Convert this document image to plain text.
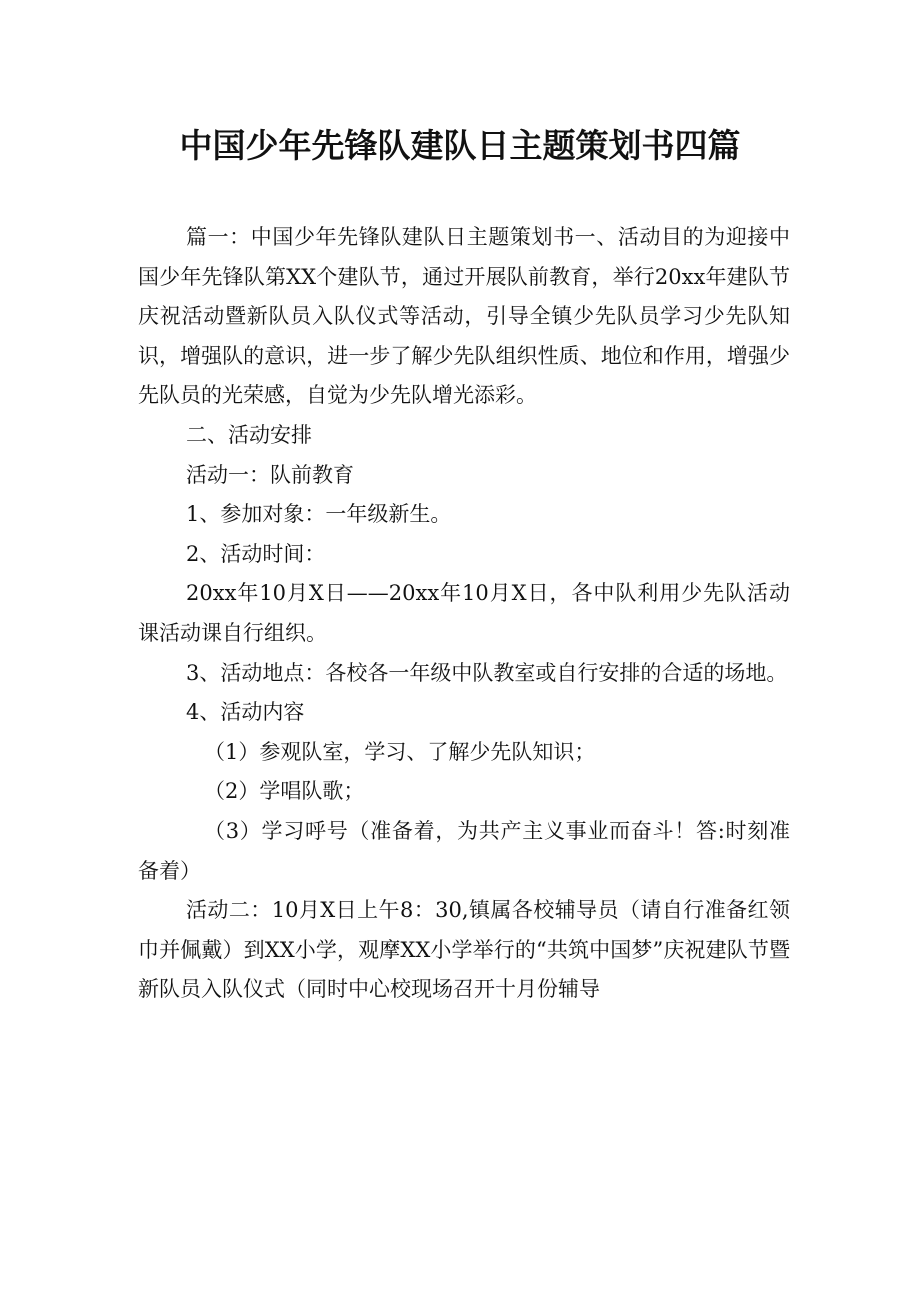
中国少年先锋队建队日主题策划书四篇

篇一：中国少年先锋队建队日主题策划书一、活动目的为迎接中国少年先锋队第XX个建队节，通过开展队前教育，举行20xx年建队节庆祝活动暨新队员入队仪式等活动，引导全镇少先队员学习少先队知识，增强队的意识，进一步了解少先队组织性质、地位和作用，增强少先队员的光荣感，自觉为少先队增光添彩。

二、活动安排

活动一：队前教育

1、参加对象：一年级新生。

2、活动时间：

20xx年10月X日——20xx年10月X日，各中队利用少先队活动课活动课自行组织。

3、活动地点：各校各一年级中队教室或自行安排的合适的场地。

4、活动内容

（1）参观队室，学习、了解少先队知识；

（2）学唱队歌；

（3）学习呼号（准备着，为共产主义事业而奋斗！答:时刻准备着）

活动二：10月X日上午8：30,镇属各校辅导员（请自行准备红领巾并佩戴）到XX小学，观摩XX小学举行的“共筑中国梦”庆祝建队节暨新队员入队仪式（同时中心校现场召开十月份辅导
